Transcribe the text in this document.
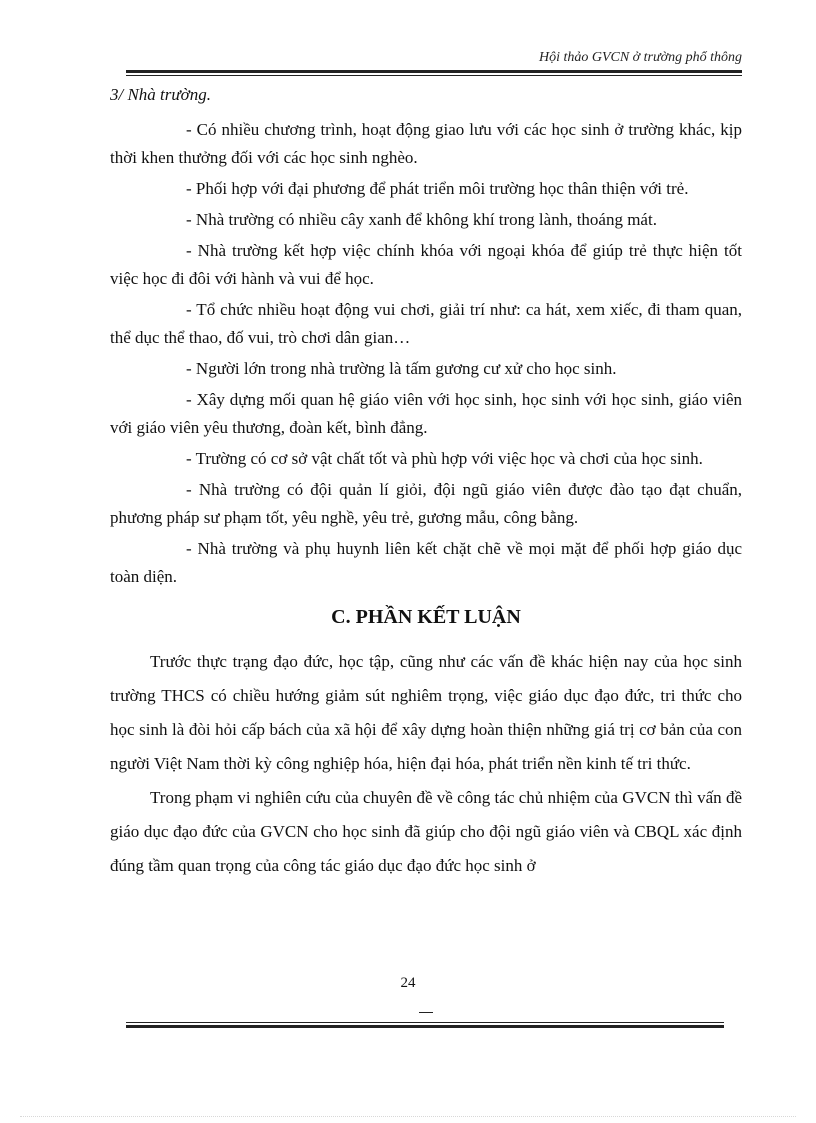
Hội thảo GVCN ở trường phổ thông

3/ Nhà trường.

- Có nhiều chương trình, hoạt động giao lưu với các học sinh ở trường khác, kịp thời khen thưởng đối với các học sinh nghèo.

- Phối hợp với đại phương để phát triển môi trường học thân thiện với trẻ.

- Nhà trường có nhiều cây xanh để không khí trong lành, thoáng mát.

- Nhà trường kết hợp việc chính khóa với ngoại khóa để giúp trẻ thực hiện tốt việc học đi đôi với hành và vui để học.

- Tổ chức nhiều hoạt động vui chơi, giải trí như: ca hát, xem xiếc, đi tham quan, thể dục thể thao, đố vui, trò chơi dân gian…

- Người lớn trong nhà trường là tấm gương cư xử cho học sinh.

- Xây dựng mối quan hệ giáo viên với học sinh, học sinh với học sinh, giáo viên với giáo viên yêu thương, đoàn kết, bình đẳng.

- Trường có cơ sở vật chất tốt và phù hợp với việc học và chơi của học sinh.

- Nhà trường có đội quản lí giỏi, đội ngũ giáo viên được đào tạo đạt chuẩn, phương pháp sư phạm tốt, yêu nghề, yêu trẻ, gương mẫu, công bằng.

- Nhà trường và phụ huynh liên kết chặt chẽ về mọi mặt để phối hợp giáo dục toàn diện.

C. PHẦN KẾT LUẬN

Trước thực trạng đạo đức, học tập, cũng như các vấn đề khác hiện nay của học sinh trường THCS có chiều hướng giảm sút nghiêm trọng, việc giáo dục đạo đức, tri thức cho học sinh là đòi hỏi cấp bách của xã hội để xây dựng hoàn thiện những giá trị cơ bản của con người Việt Nam thời kỳ công nghiệp hóa, hiện đại hóa, phát triển nền kinh tế tri thức.

Trong phạm vi nghiên cứu của chuyên đề về công tác chủ nhiệm của GVCN thì vấn đề giáo dục đạo đức của GVCN cho học sinh đã giúp cho đội ngũ giáo viên và CBQL xác định đúng tầm quan trọng của công tác giáo dục đạo đức học sinh ở

24
